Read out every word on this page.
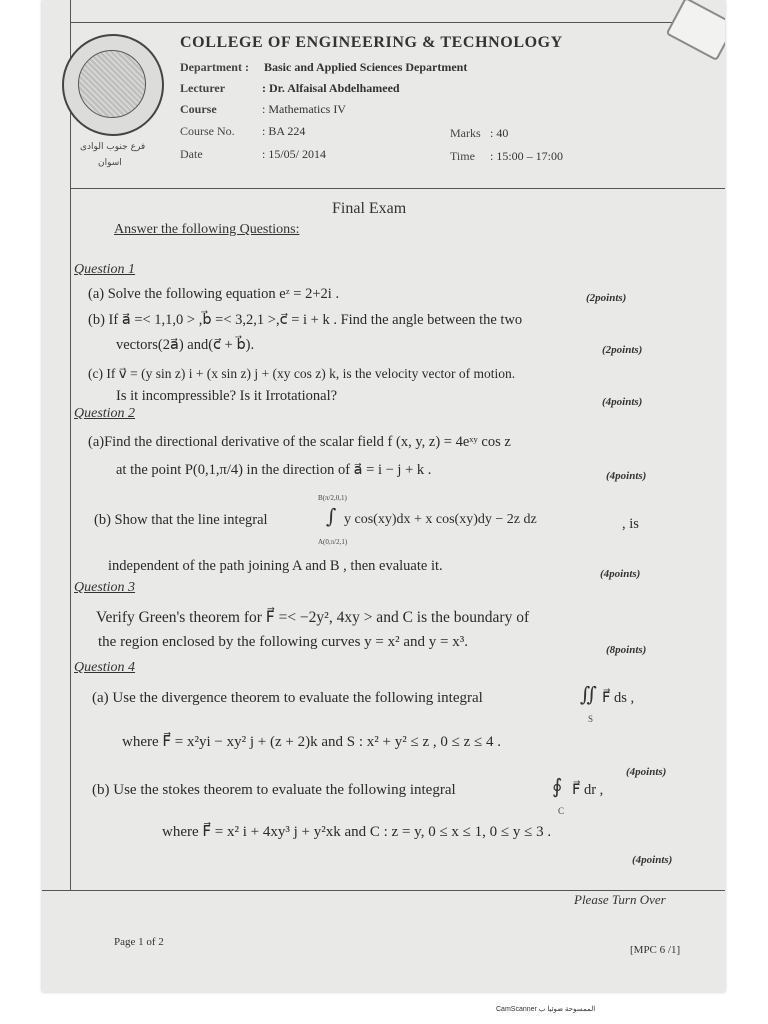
فرع جنوب الوادى
اسوان
COLLEGE OF ENGINEERING & TECHNOLOGY
Department : Basic and Applied Sciences Department
Lecturer	: Dr. Alfaisal Abdelhameed
Course	: Mathematics IV
Course No. : BA 224	Marks : 40
Date	: 15/05/ 2014	Time : 15:00 – 17:00
Final Exam
Answer the following Questions:
Question 1
(a) Solve the following equation eᶻ = 2+2i .	(2points)
(b) If a⃗ =< 1,1,0 > ,b⃗ =< 3,2,1 >,c⃗ = i + k . Find the angle between the two
vectors(2a⃗) and(c⃗ + b⃗).	(2points)
(c) If v⃗ = (y sin z) i + (x sin z) j + (xy cos z) k, is the velocity vector of motion.
Is it incompressible? Is it Irrotational?	(4points)
Question 2
(a)Find the directional derivative of the scalar field f (x, y, z) = 4eˣʸ cos z
at the point P(0,1,π/4) in the direction of a⃗ = i − j + k .	(4points)
B(π/2,0,1)
(b) Show that the line integral	∫ y cos(xy)dx + x cos(xy)dy − 2z dz	, is
A(0,π/2,1)
independent of the path joining A and B , then evaluate it.	(4points)
Question 3
Verify Green's theorem for F⃗ =< −2y², 4xy > and C is the boundary of
the region enclosed by the following curves y = x² and y = x³.	(8points)
Question 4
(a) Use the divergence theorem to evaluate the following integral	∬ F⃗ ds ,
S
where F⃗ = x²yi − xy² j + (z + 2)k and S : x² + y² ≤ z , 0 ≤ z ≤ 4 .
(4points)
(b) Use the stokes theorem to evaluate the following integral	∮ F⃗ dr ,
C
where F⃗ = x² i + 4xy³ j + y²xk and C : z = y, 0 ≤ x ≤ 1, 0 ≤ y ≤ 3 .
(4points)
Please Turn Over
Page 1 of 2
[MPC 6 /1]
CamScanner الممسوحة ضوئيا ب
